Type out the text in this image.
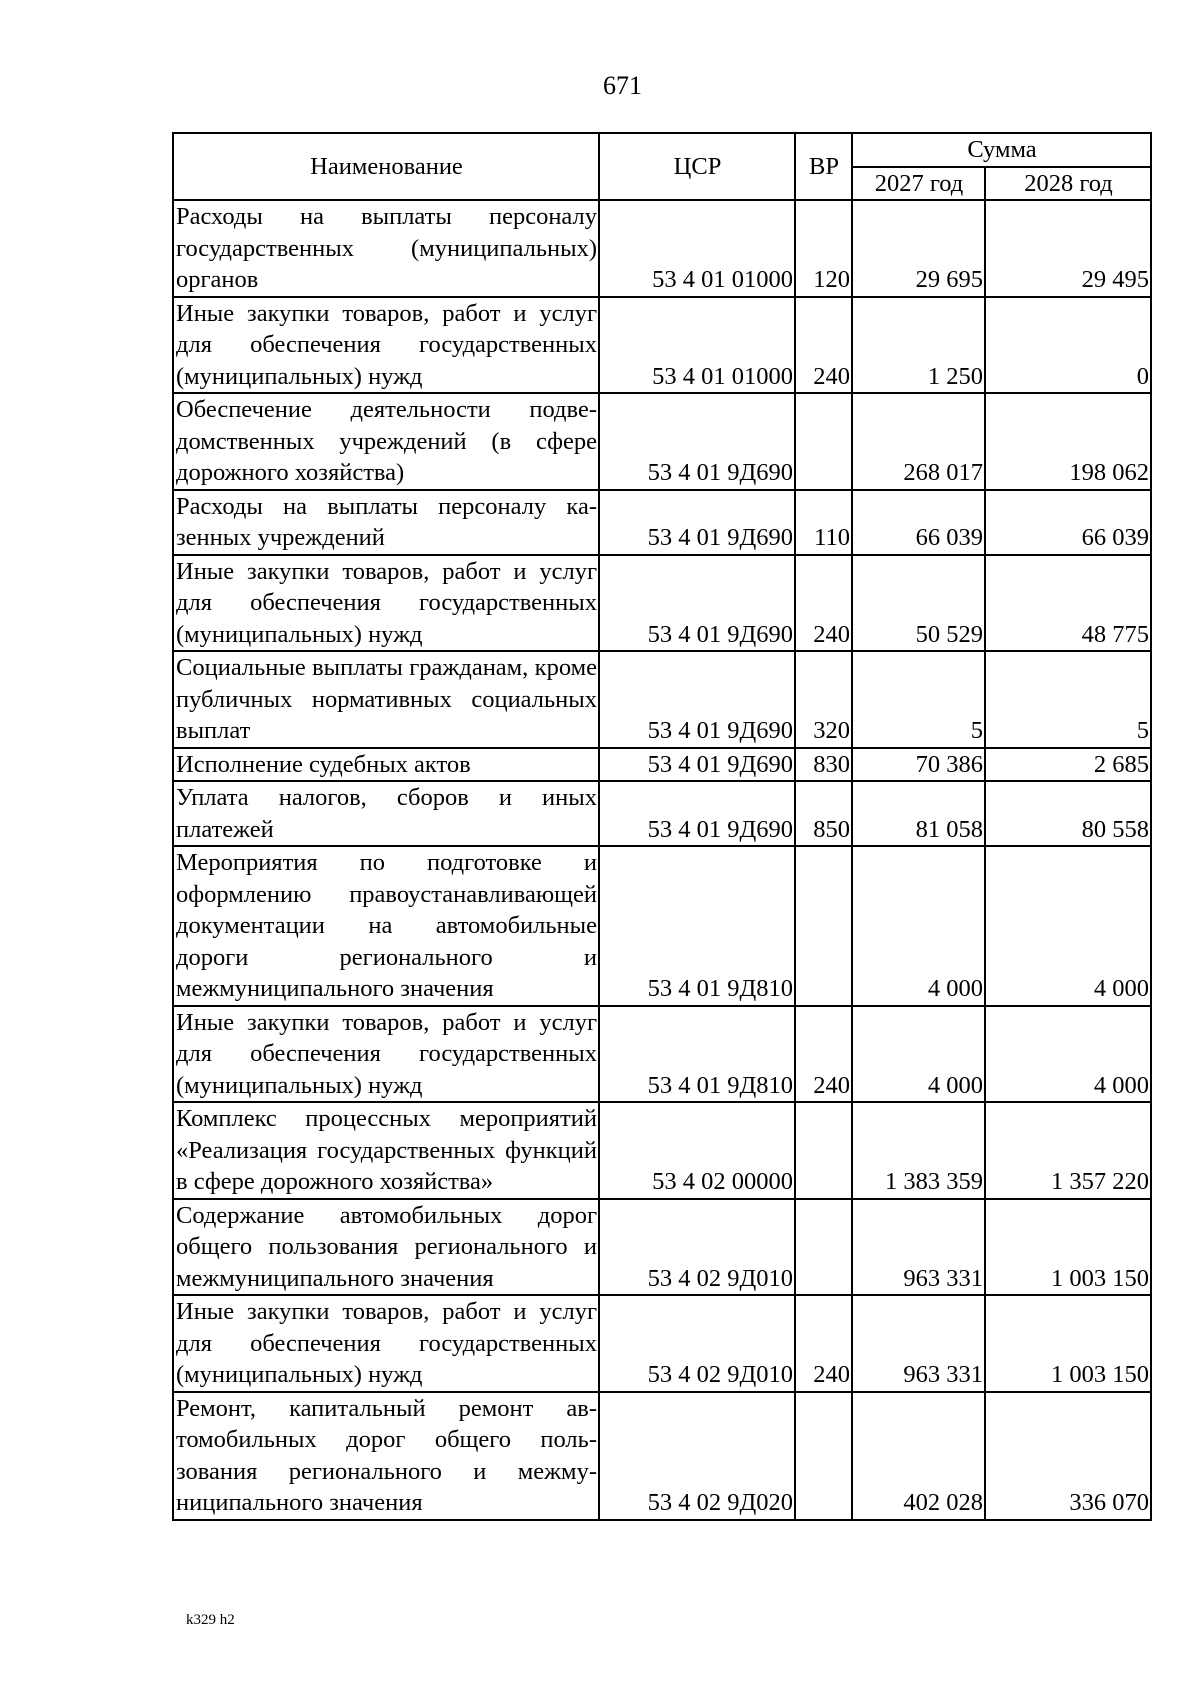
671
Наименование	ЦСР	ВР	Сумма	
			2027 год	2028 год
Расходы на выплаты персоналу государственных (муниципальных) органов	53 4 01 01000	120	29 695	29 495
Иные закупки товаров, работ и услуг для обеспечения государственных (муниципальных) нужд	53 4 01 01000	240	1 250	0
Обеспечение деятельности подведомственных учреждений (в сфере дорожного хозяйства)	53 4 01 9Д690		268 017	198 062
Расходы на выплаты персоналу казенных учреждений	53 4 01 9Д690	110	66 039	66 039
Иные закупки товаров, работ и услуг для обеспечения государственных (муниципальных) нужд	53 4 01 9Д690	240	50 529	48 775
Социальные выплаты гражданам, кроме публичных нормативных социальных выплат	53 4 01 9Д690	320	5	5
Исполнение судебных актов	53 4 01 9Д690	830	70 386	2 685
Уплата налогов, сборов и иных платежей	53 4 01 9Д690	850	81 058	80 558
Мероприятия по подготовке и оформлению правоустанавливающей документации на автомобильные дороги регионального и межмуниципального значения	53 4 01 9Д810		4 000	4 000
Иные закупки товаров, работ и услуг для обеспечения государственных (муниципальных) нужд	53 4 01 9Д810	240	4 000	4 000
Комплекс процессных мероприятий «Реализация государственных функций в сфере дорожного хозяйства»	53 4 02 00000		1 383 359	1 357 220
Содержание автомобильных дорог общего пользования регионального и межмуниципального значения	53 4 02 9Д010		963 331	1 003 150
Иные закупки товаров, работ и услуг для обеспечения государственных (муниципальных) нужд	53 4 02 9Д010	240	963 331	1 003 150
Ремонт, капитальный ремонт автомобильных дорог общего пользования регионального и межмуниципального значения	53 4 02 9Д020		402 028	336 070
k329 h2
